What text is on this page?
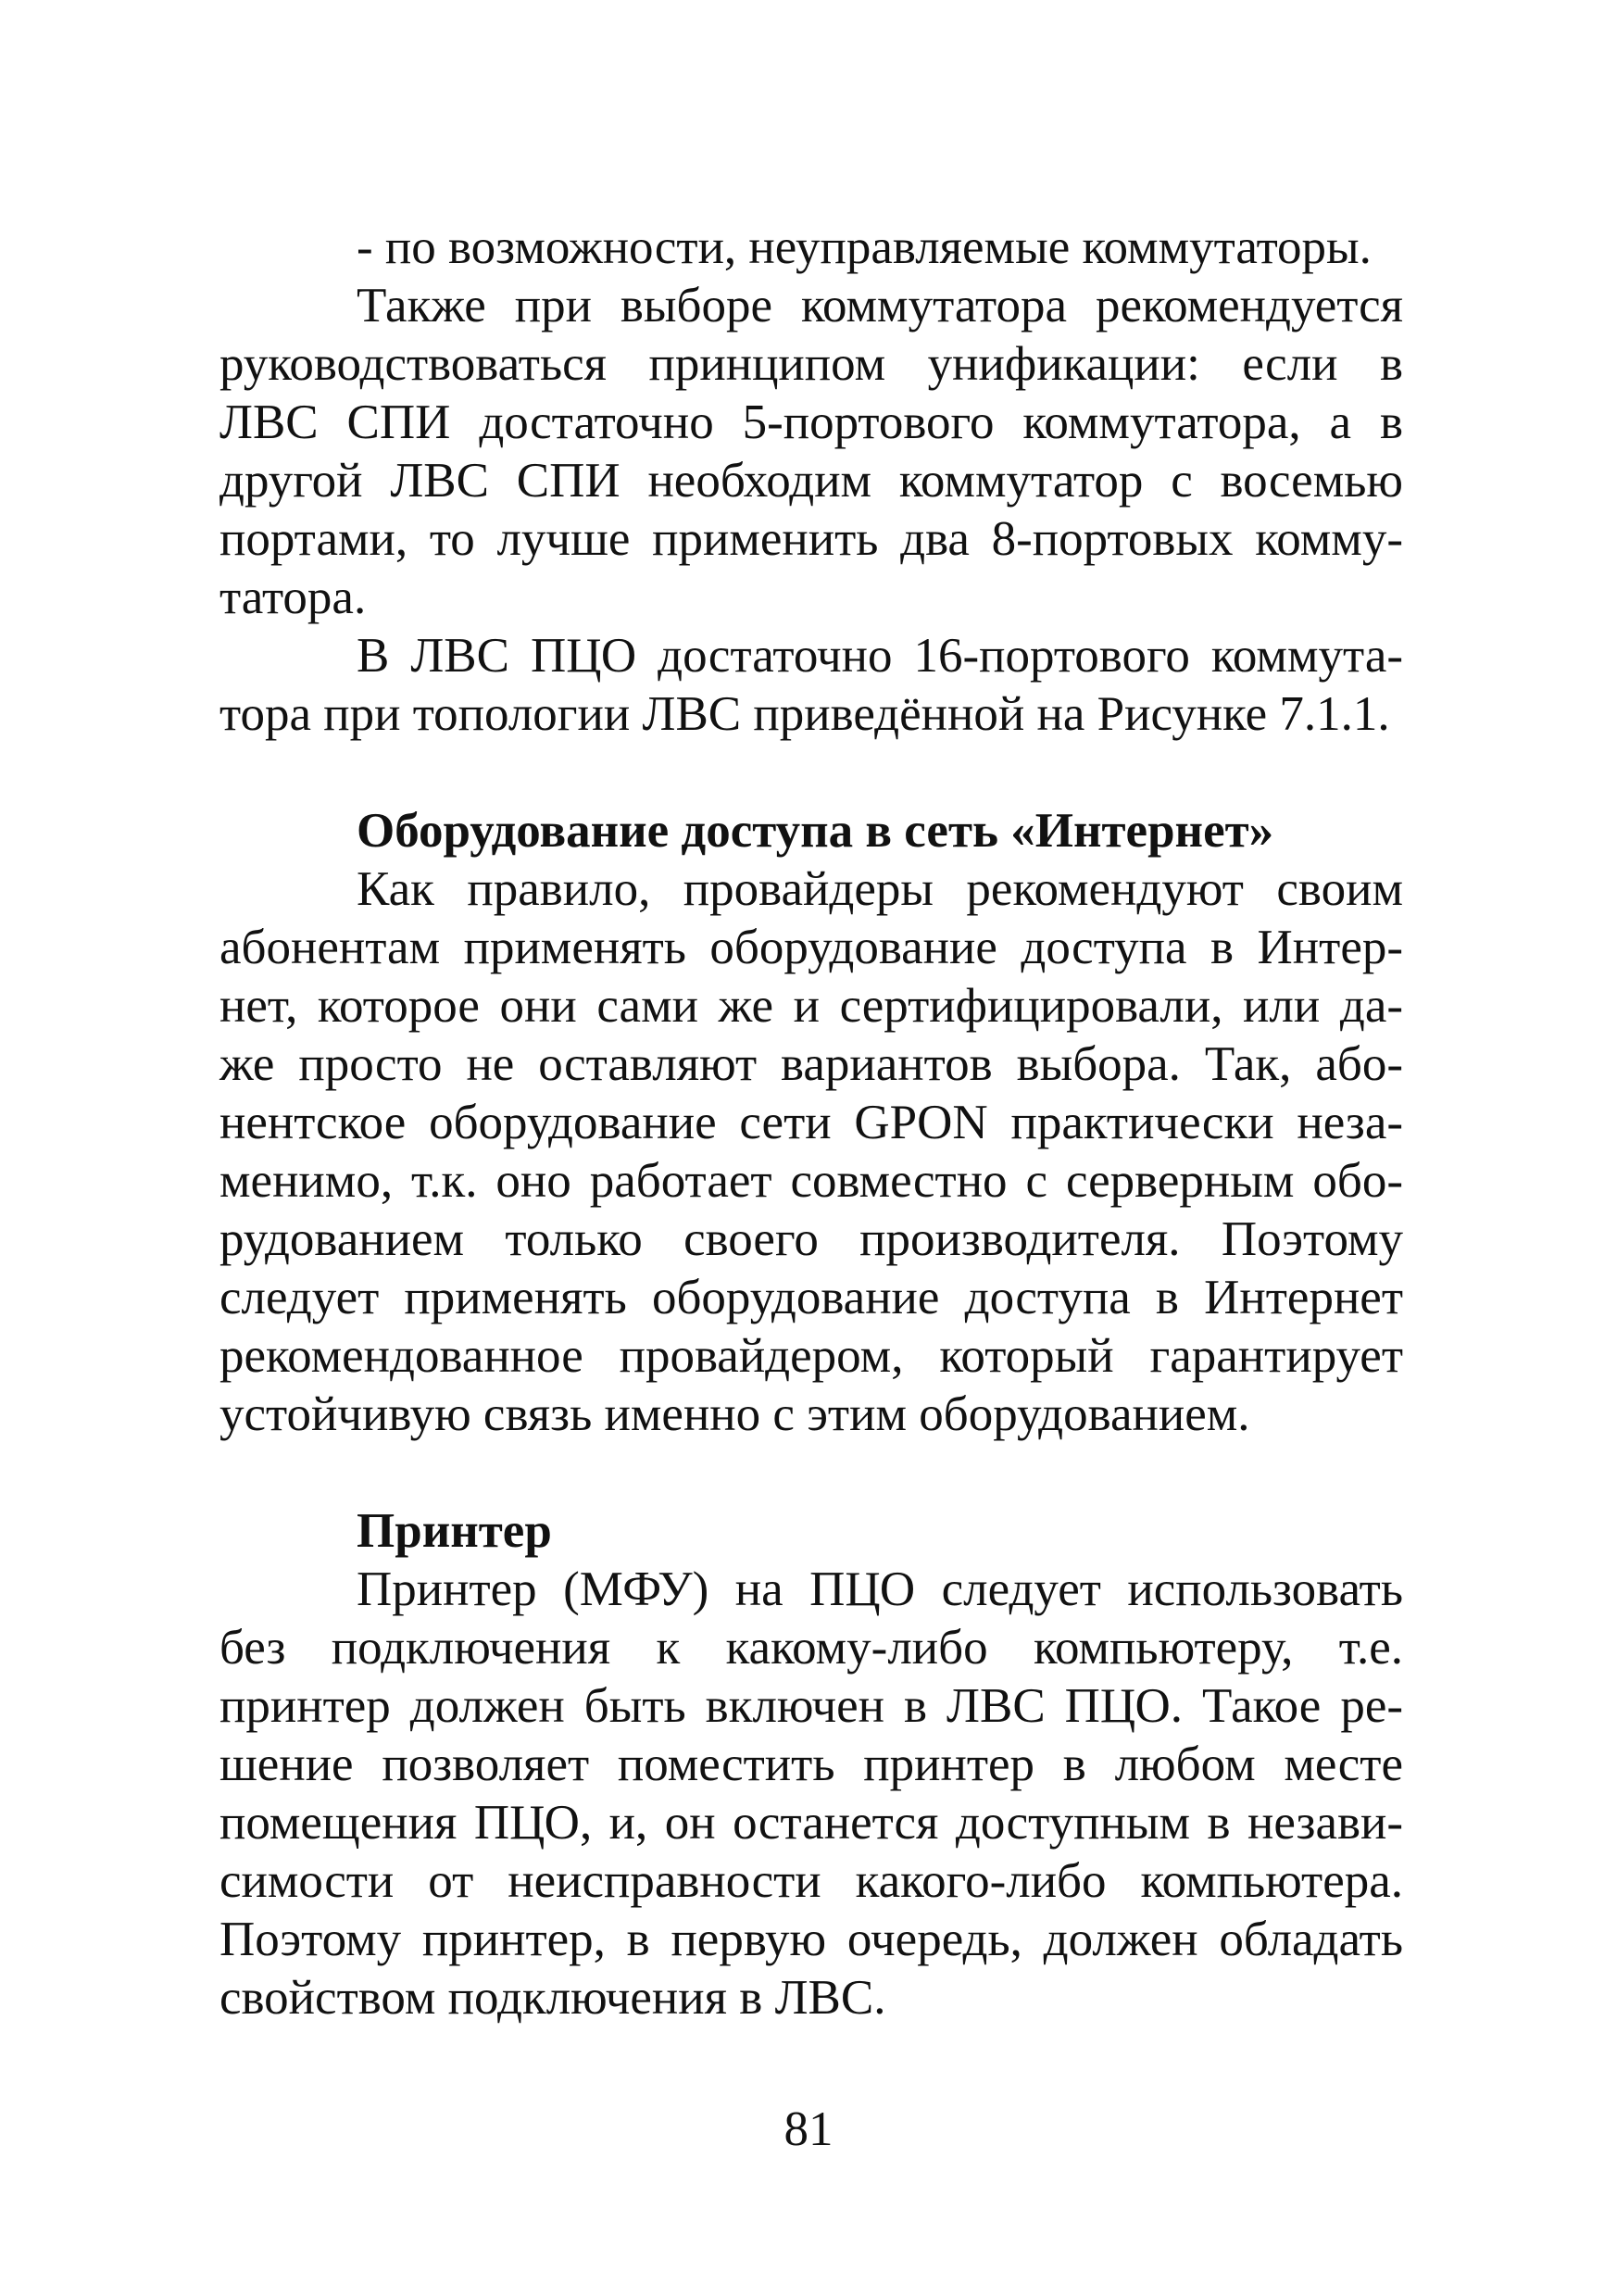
- по возможности, неуправляемые коммутаторы.
Также при выборе коммутатора рекомендуется
руководствоваться принципом унификации: если в
ЛВС СПИ достаточно 5-портового коммутатора, а в
другой ЛВС СПИ необходим коммутатор с восемью
портами, то лучше применить два 8-портовых комму-
татора.
В ЛВС ПЦО достаточно 16-портового коммута-
тора при топологии ЛВС приведённой на Рисунке 7.1.1.
Оборудование доступа в сеть «Интернет»
Как правило, провайдеры рекомендуют своим
абонентам применять оборудование доступа в Интер-
нет, которое они сами же и сертифицировали, или да-
же просто не оставляют вариантов выбора. Так, або-
нентское оборудование сети GPON практически неза-
менимо, т.к. оно работает совместно с серверным обо-
рудованием только своего производителя. Поэтому
следует применять оборудование доступа в Интернет
рекомендованное провайдером, который гарантирует
устойчивую связь именно с этим оборудованием.
Принтер
Принтер (МФУ) на ПЦО следует использовать
без подключения к какому-либо компьютеру, т.е.
принтер должен быть включен в ЛВС ПЦО. Такое ре-
шение позволяет поместить принтер в любом месте
помещения ПЦО, и, он останется доступным в незави-
симости от неисправности какого-либо компьютера.
Поэтому принтер, в первую очередь, должен обладать
свойством подключения в ЛВС.
81
